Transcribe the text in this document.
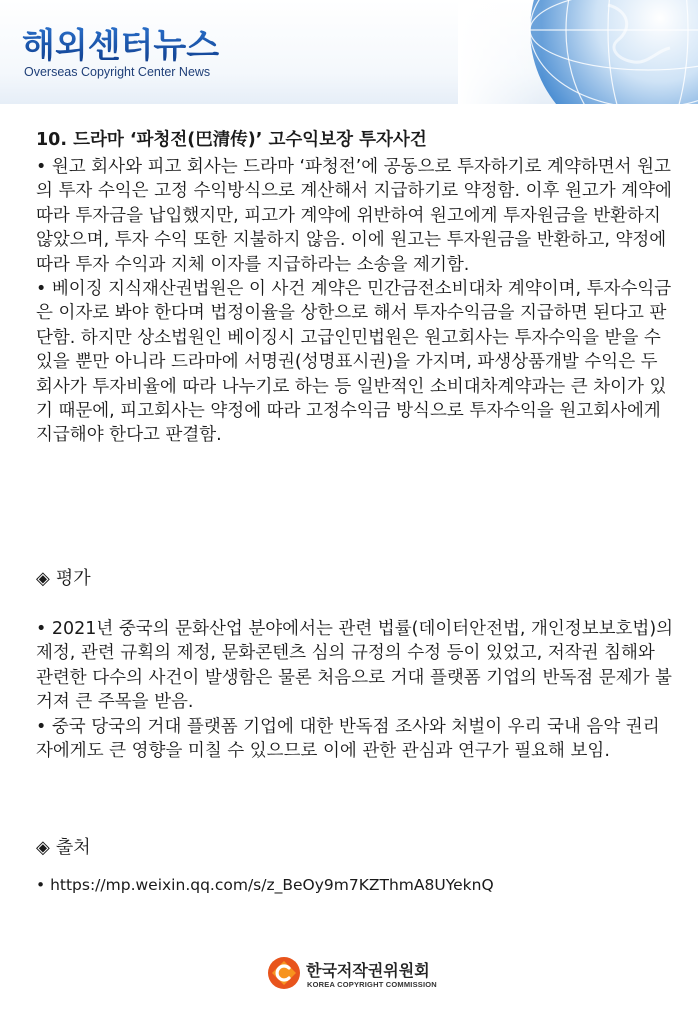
해외센터뉴스
Overseas Copyright Center News

10. 드라마 ‘파청전(巴清传)’ 고수익보장 투자사건

• 원고 회사와 피고 회사는 드라마 ‘파청전’에 공동으로 투자하기로 계약하면서 원고의 투자 수익은 고정 수익방식으로 계산해서 지급하기로 약정함. 이후 원고가 계약에 따라 투자금을 납입했지만, 피고가 계약에 위반하여 원고에게 투자원금을 반환하지 않았으며, 투자 수익 또한 지불하지 않음. 이에 원고는 투자원금을 반환하고, 약정에 따라 투자 수익과 지체 이자를 지급하라는 소송을 제기함.

• 베이징 지식재산권법원은 이 사건 계약은 민간금전소비대차 계약이며, 투자수익금은 이자로 봐야 한다며 법정이율을 상한으로 해서 투자수익금을 지급하면 된다고 판단함. 하지만 상소법원인 베이징시 고급인민법원은 원고회사는 투자수익을 받을 수 있을 뿐만 아니라 드라마에 서명권(성명표시권)을 가지며, 파생상품개발 수익은 두 회사가 투자비율에 따라 나누기로 하는 등 일반적인 소비대차계약과는 큰 차이가 있기 때문에, 피고회사는 약정에 따라 고정수익금 방식으로 투자수익을 원고회사에게 지급해야 한다고 판결함.

◈ 평가

• 2021년 중국의 문화산업 분야에서는 관련 법률(데이터안전법, 개인정보보호법)의 제정, 관련 규획의 제정, 문화콘텐츠 심의 규정의 수정 등이 있었고, 저작권 침해와 관련한 다수의 사건이 발생함은 물론 처음으로 거대 플랫폼 기업의 반독점 문제가 불거져 큰 주목을 받음.

• 중국 당국의 거대 플랫폼 기업에 대한 반독점 조사와 처벌이 우리 국내 음악 권리자에게도 큰 영향을 미칠 수 있으므로 이에 관한 관심과 연구가 필요해 보임.

◈ 출처
• https://mp.weixin.qq.com/s/z_BeOy9m7KZThmA8UYeknQ
한국저작권위원회
KOREA COPYRIGHT COMMISSION
